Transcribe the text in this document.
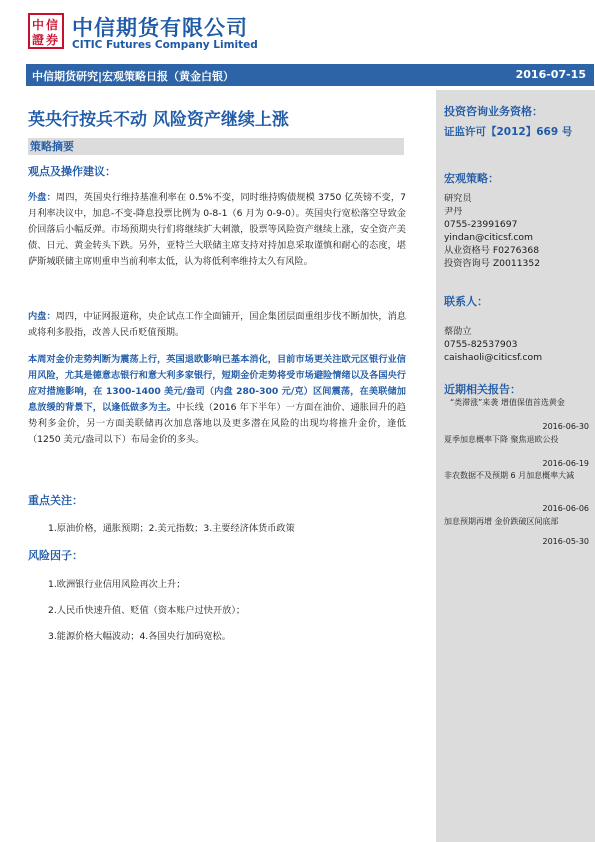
中 信
證 券 中信期货有限公司
CITIC Futures Company Limited
中信期货研究|宏观策略日报（黄金白银）	2016-07-15
英央行按兵不动 风险资产继续上涨
策略摘要
观点及操作建议：

外盘：周四，英国央行维持基准利率在 0.5%不变，同时维持购债规模 3750 亿英镑不变，7 月利率决议中，加息-不变-降息投票比例为 0-8-1（6 月为 0-9-0）。英国央行宽松落空导致金价回落后小幅反弹。市场预期央行们将继续扩大刺激，股票等风险资产继续上涨，安全资产美债、日元、黄金转头下跌。另外，亚特兰大联储主席支持对持加息采取谨慎和耐心的态度，堪萨斯城联储主席则重申当前利率太低，认为将低利率维持太久有风险。

内盘：周四，中证网报道称，央企试点工作全面铺开，国企集团层面重组步伐不断加快，消息或将利多股指，改善人民币贬值预期。

本周对金价走势判断为震荡上行，英国退欧影响已基本消化，目前市场更关注欧元区银行业信用风险，尤其是德意志银行和意大利多家银行，短期金价走势将受市场避险情绪以及各国央行应对措施影响，在 1300-1400 美元/盎司（内盘 280-300 元/克）区间震荡，在美联储加息放缓的背景下，以逢低做多为主。中长线（2016 年下半年）一方面在油价、通胀回升的趋势利多金价，另一方面美联储再次加息落地以及更多潜在风险的出现均将推升金价，逢低（1250 美元/盎司以下）布局金价的多头。

重点关注：
1.原油价格，通胀预期；2.美元指数；3.主要经济体货币政策
风险因子：
1.欧洲银行业信用风险再次上升；
2.人民币快速升值、贬值（资本账户过快开放）；
3.能源价格大幅波动；4.各国央行加码宽松。
投资咨询业务资格：
证监许可【2012】669 号
宏观策略：
研究员
尹丹
0755-23991697
yindan@citicsf.com
从业资格号 F0276368
投资咨询号 Z0011352
联系人：
蔡劭立
0755-82537903
caishaoli@citicsf.com
近期相关报告：
“类滞涨”来袭 增值保值首选黄金
2016-06-30
夏季加息概率下降 聚焦退欧公投
2016-06-19
非农数据不及预期 6 月加息概率大减
2016-06-06
加息预期再增 金价跌破区间底部
2016-05-30
